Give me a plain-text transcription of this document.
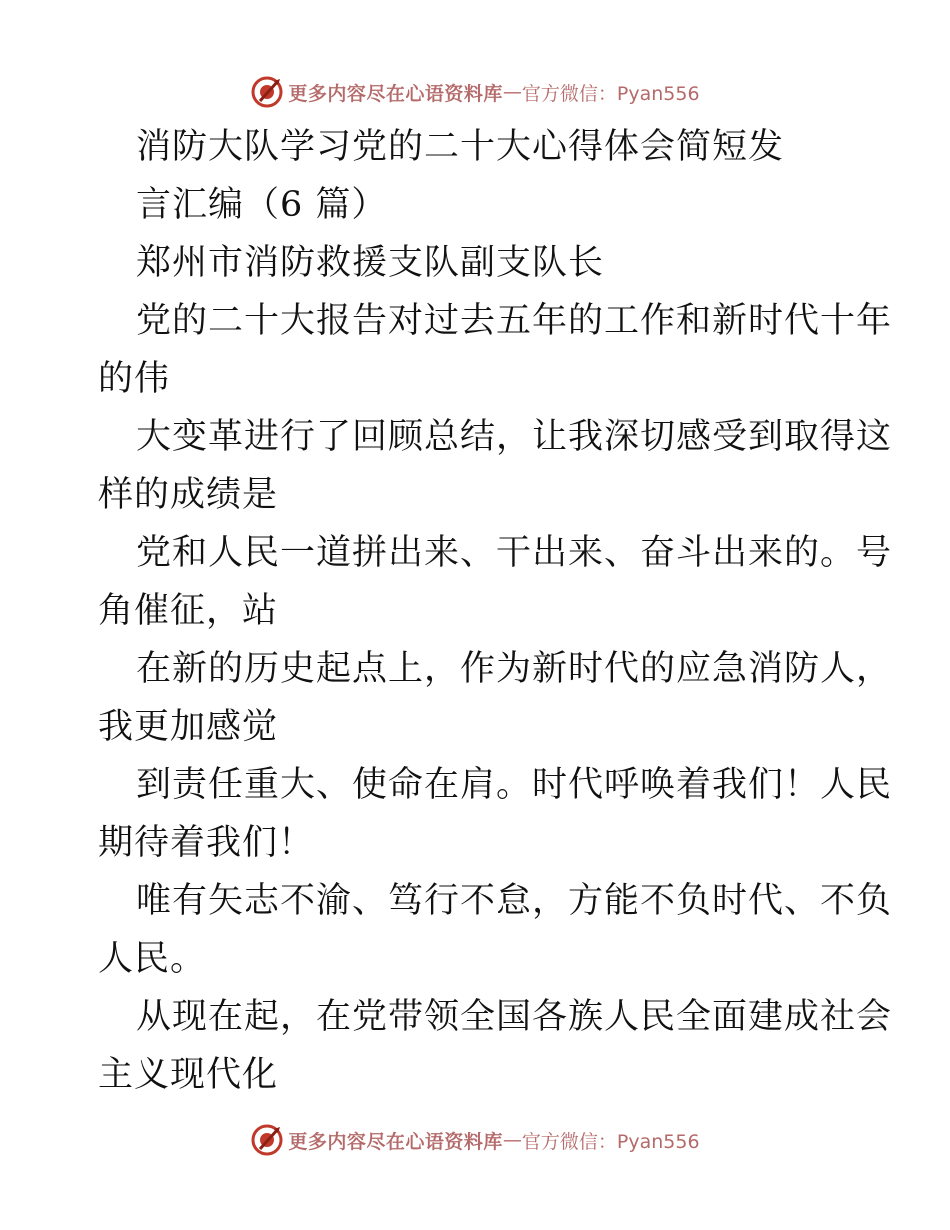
更多内容尽在心语资料库 — 官方微信：Pyan556
消防大队学习党的二十大心得体会简短发
言汇编（6 篇）
郑州市消防救援支队副支队长
党的二十大报告对过去五年的工作和新时代十年
的伟
大变革进行了回顾总结，让我深切感受到取得这
样的成绩是
党和人民一道拼出来、干出来、奋斗出来的。号
角催征，站
在新的历史起点上，作为新时代的应急消防人，
我更加感觉
到责任重大、使命在肩。时代呼唤着我们！人民
期待着我们！
唯有矢志不渝、笃行不怠，方能不负时代、不负
人民。
从现在起，在党带领全国各族人民全面建成社会
主义现代化
更多内容尽在心语资料库 — 官方微信：Pyan556
